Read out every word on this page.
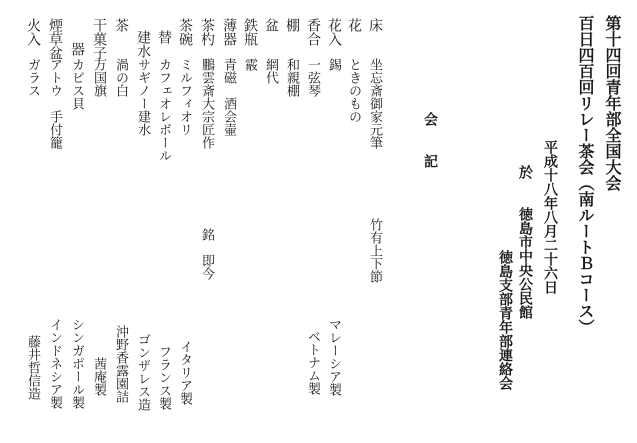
第十四回青年部全国大会
百日四百回リレー茶会（南ルートＢコース）
平成十八年八月二十六日
於
徳島市中央公民館
徳島支部青年部連絡会
会　　記
床
坐忘斎御家元筆
竹有上下節
花
ときのもの
花入
錫
マレーシア製
香合
一弦琴
ベトナム製
棚
和親棚
盆
網代
鉄瓶
霰
薄器
青磁　酒会壷
茶杓
鵬雲斎大宗匠作
銘　即今
茶碗
ミルフィオリ
イタリア製
替
カフェオレボール
フランス製
建水
サギノー建水
ゴンザレス造
茶
渦の白
沖野香露園詰
干菓子
万国旗
茜庵製
器
カピス貝
シンガポール製
煙草盆
アトウ　手付籠
インドネシア製
火入
ガラス
藤井哲信造
